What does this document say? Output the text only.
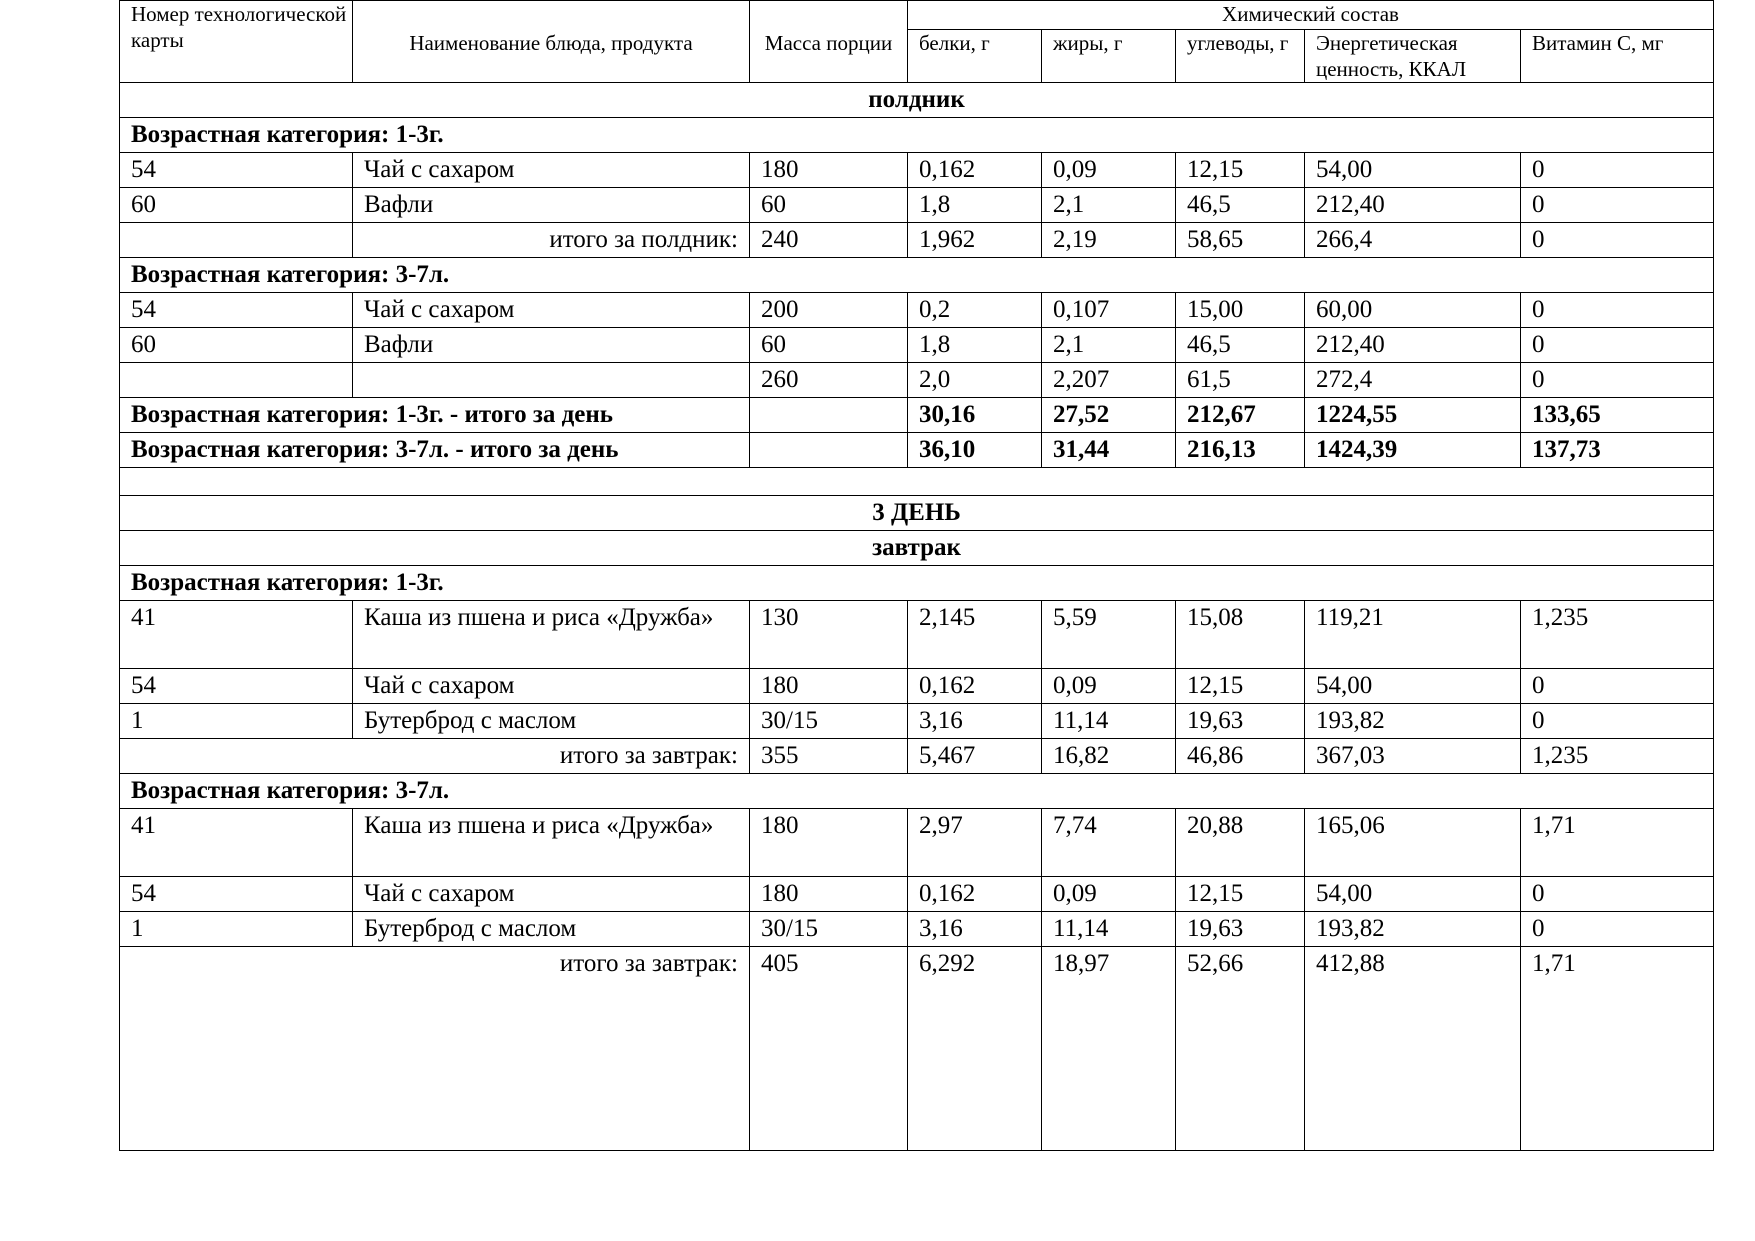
Номер технологической карты	Наименование блюда, продукта	Масса порции	Химический состав				
			белки, г	жиры, г	углеводы, г	Энергетическая ценность, ККАЛ	Витамин С, мг
полдник							
Возрастная категория: 1-3г.							
54	Чай с сахаром	180	0,162	0,09	12,15	54,00	0
60	Вафли	60	1,8	2,1	46,5	212,40	0
	итого за полдник:	240	1,962	2,19	58,65	266,4	0
Возрастная категория: 3-7л.							
54	Чай с сахаром	200	0,2	0,107	15,00	60,00	0
60	Вафли	60	1,8	2,1	46,5	212,40	0
		260	2,0	2,207	61,5	272,4	0
Возрастная категория: 1-3г. - итого за день			30,16	27,52	212,67	1224,55	133,65
Возрастная категория: 3-7л. - итого за день			36,10	31,44	216,13	1424,39	137,73

3 ДЕНЬ							
завтрак							
Возрастная категория: 1-3г.							
41	Каша из пшена и риса «Дружба»	130	2,145	5,59	15,08	119,21	1,235
54	Чай с сахаром	180	0,162	0,09	12,15	54,00	0
1	Бутерброд с маслом	30/15	3,16	11,14	19,63	193,82	0
итого за завтрак:		355	5,467	16,82	46,86	367,03	1,235
Возрастная категория: 3-7л.							
41	Каша из пшена и риса «Дружба»	180	2,97	7,74	20,88	165,06	1,71
54	Чай с сахаром	180	0,162	0,09	12,15	54,00	0
1	Бутерброд с маслом	30/15	3,16	11,14	19,63	193,82	0
итого за завтрак:		405	6,292	18,97	52,66	412,88	1,71
